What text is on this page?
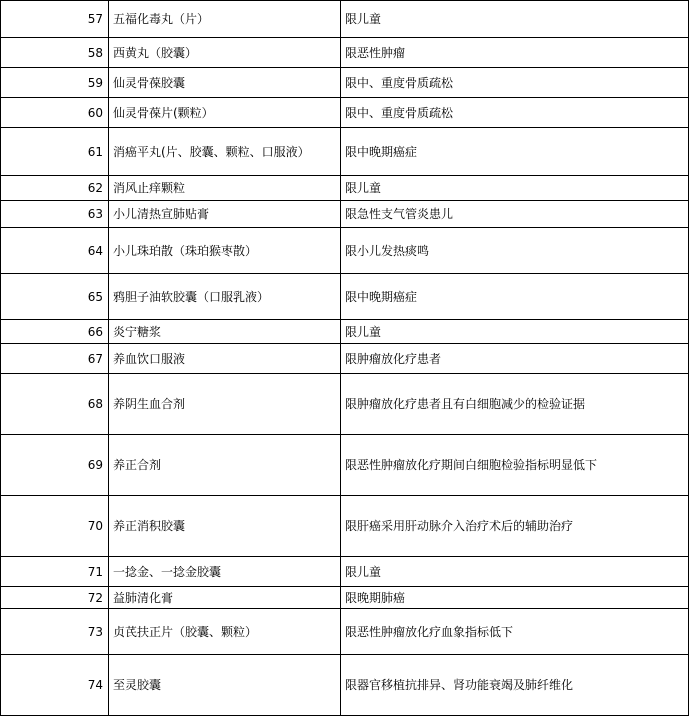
57	五福化毒丸（片）	限儿童
58	西黄丸（胶囊）	限恶性肿瘤
59	仙灵骨葆胶囊	限中、重度骨质疏松
60	仙灵骨葆片(颗粒）	限中、重度骨质疏松
61	消癌平丸(片、胶囊、颗粒、口服液）	限中晚期癌症
62	消风止痒颗粒	限儿童
63	小儿清热宣肺贴膏	限急性支气管炎患儿
64	小儿珠珀散（珠珀猴枣散）	限小儿发热痰鸣
65	鸦胆子油软胶囊（口服乳液）	限中晚期癌症
66	炎宁糖浆	限儿童
67	养血饮口服液	限肿瘤放化疗患者
68	养阴生血合剂	限肿瘤放化疗患者且有白细胞减少的检验证据
69	养正合剂	限恶性肿瘤放化疗期间白细胞检验指标明显低下
70	养正消积胶囊	限肝癌采用肝动脉介入治疗术后的辅助治疗
71	一捻金、一捻金胶囊	限儿童
72	益肺清化膏	限晚期肺癌
73	贞芪扶正片（胶囊、颗粒）	限恶性肿瘤放化疗血象指标低下
74	至灵胶囊	限器官移植抗排异、肾功能衰竭及肺纤维化
